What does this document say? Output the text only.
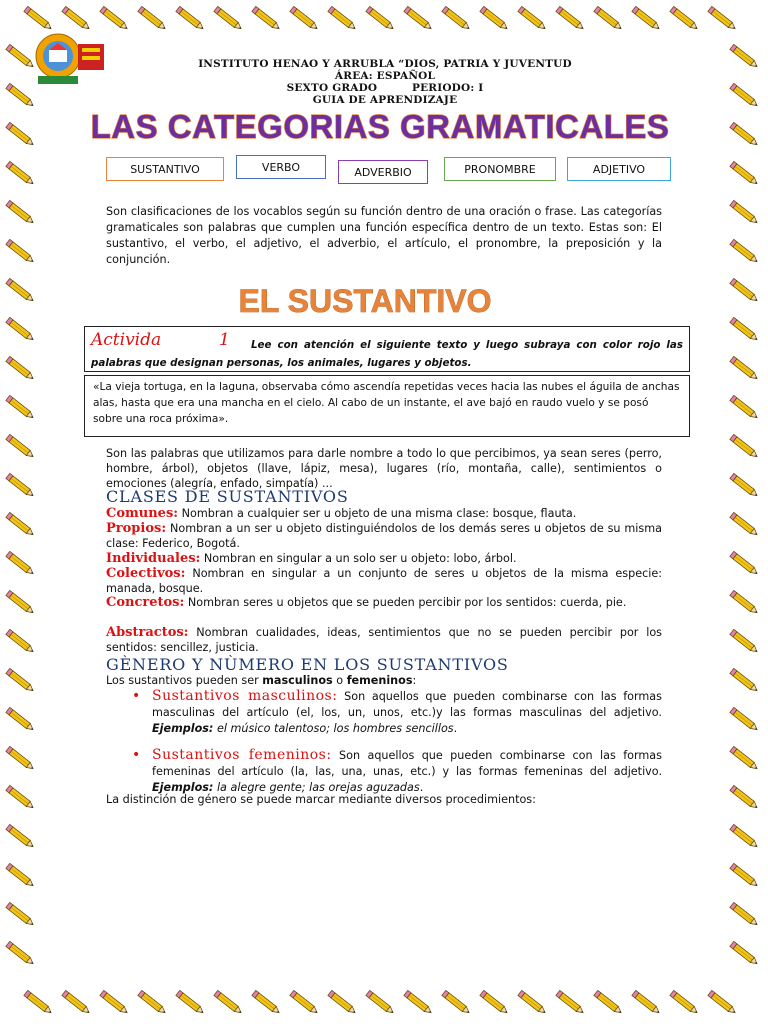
INSTITUTO HENAO Y ARRUBLA “DIOS, PATRIA Y JUVENTUD
ÁREA: ESPAÑOL
SEXTO GRADO         PERIODO: I
GUIA DE APRENDIZAJE
LAS CATEGORIAS GRAMATICALES
SUSTANTIVO	VERBO	ADVERBIO	PRONOMBRE	ADJETIVO
Son clasificaciones de los vocablos según su función dentro de una oración o frase. Las categorías gramaticales son palabras que cumplen una función específica dentro de un texto. Estas son: El sustantivo, el verbo, el adjetivo, el adverbio, el artículo, el pronombre, la preposición y la conjunción.
EL SUSTANTIVO
Lee con atención el siguiente texto y luego subraya con color rojo las palabras que designan personas, los animales, lugares y objetos.
Activida	1
«La vieja tortuga, en la laguna, observaba cómo ascendía repetidas veces hacia las nubes el águila de anchas alas, hasta que era una mancha en el cielo. Al cabo de un instante, el ave bajó en raudo vuelo y se posó sobre una roca próxima».
Son las palabras que utilizamos para darle nombre a todo lo que percibimos, ya sean seres (perro, hombre, árbol), objetos (llave, lápiz, mesa), lugares (río, montaña, calle), sentimientos o emociones (alegría, enfado, simpatía) ...
CLASES DE SUSTANTIVOS
Comunes: Nombran a cualquier ser u objeto de una misma clase: bosque, flauta.
Propios: Nombran a un ser u objeto distinguiéndolos de los demás seres u objetos de su misma clase: Federico, Bogotá.
Individuales: Nombran en singular a un solo ser u objeto: lobo, árbol.
Colectivos: Nombran en singular a un conjunto de seres u objetos de la misma especie: manada, bosque.
Concretos: Nombran seres u objetos que se pueden percibir por los sentidos: cuerda, pie.
Abstractos: Nombran cualidades, ideas, sentimientos que no se pueden percibir por los sentidos: sencillez, justicia.
GÈNERO Y NÙMERO EN LOS SUSTANTIVOS
Los sustantivos pueden ser masculinos o femeninos:
• Sustantivos masculinos: Son aquellos que pueden combinarse con las formas masculinas del artículo (el, los, un, unos, etc.)y las formas masculinas del adjetivo. Ejemplos: el músico talentoso; los hombres sencillos.
• Sustantivos femeninos: Son aquellos que pueden combinarse con las formas femeninas del artículo (la, las, una, unas, etc.) y las formas femeninas del adjetivo. Ejemplos: la alegre gente; las orejas aguzadas.
La distinción de género se puede marcar mediante diversos procedimientos:
